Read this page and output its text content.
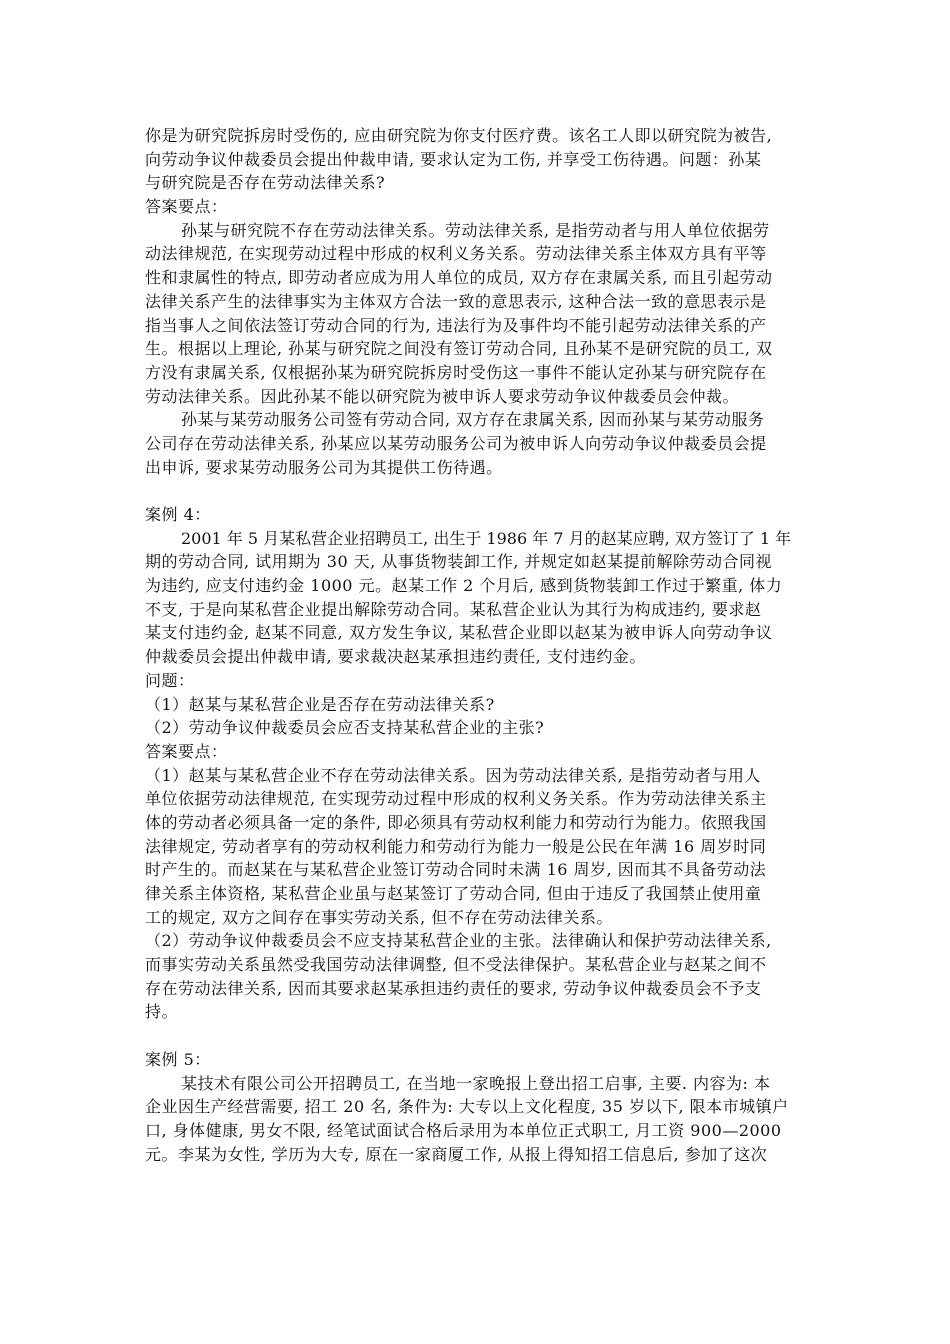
你是为研究院拆房时受伤的, 应由研究院为你支付医疗费。该名工人即以研究院为被告,
向劳动争议仲裁委员会提出仲裁申请, 要求认定为工伤, 并享受工伤待遇。问题：孙某
与研究院是否存在劳动法律关系?
答案要点：
孙某与研究院不存在劳动法律关系。劳动法律关系, 是指劳动者与用人单位依据劳
动法律规范, 在实现劳动过程中形成的权利义务关系。劳动法律关系主体双方具有平等
性和隶属性的特点, 即劳动者应成为用人单位的成员, 双方存在隶属关系, 而且引起劳动
法律关系产生的法律事实为主体双方合法一致的意思表示, 这种合法一致的意思表示是
指当事人之间依法签订劳动合同的行为, 违法行为及事件均不能引起劳动法律关系的产
生。根据以上理论, 孙某与研究院之间没有签订劳动合同, 且孙某不是研究院的员工, 双
方没有隶属关系, 仅根据孙某为研究院拆房时受伤这一事件不能认定孙某与研究院存在
劳动法律关系。因此孙某不能以研究院为被申诉人要求劳动争议仲裁委员会仲裁。
孙某与某劳动服务公司签有劳动合同, 双方存在隶属关系, 因而孙某与某劳动服务
公司存在劳动法律关系, 孙某应以某劳动服务公司为被申诉人向劳动争议仲裁委员会提
出申诉, 要求某劳动服务公司为其提供工伤待遇。
案例 4：
2001 年 5 月某私营企业招聘员工, 出生于 1986 年 7 月的赵某应聘, 双方签订了 1 年
期的劳动合同, 试用期为 30 天, 从事货物装卸工作, 并规定如赵某提前解除劳动合同视
为违约, 应支付违约金 1000 元。赵某工作 2 个月后, 感到货物装卸工作过于繁重, 体力
不支, 于是向某私营企业提出解除劳动合同。某私营企业认为其行为构成违约, 要求赵
某支付违约金, 赵某不同意, 双方发生争议, 某私营企业即以赵某为被申诉人向劳动争议
仲裁委员会提出仲裁申请, 要求裁决赵某承担违约责任, 支付违约金。
问题：
（1）赵某与某私营企业是否存在劳动法律关系?
（2）劳动争议仲裁委员会应否支持某私营企业的主张?
答案要点：
（1）赵某与某私营企业不存在劳动法律关系。因为劳动法律关系, 是指劳动者与用人
单位依据劳动法律规范, 在实现劳动过程中形成的权利义务关系。作为劳动法律关系主
体的劳动者必须具备一定的条件, 即必须具有劳动权利能力和劳动行为能力。依照我国
法律规定, 劳动者享有的劳动权利能力和劳动行为能力一般是公民在年满 16 周岁时同
时产生的。而赵某在与某私营企业签订劳动合同时未满 16 周岁, 因而其不具备劳动法
律关系主体资格, 某私营企业虽与赵某签订了劳动合同, 但由于违反了我国禁止使用童
工的规定, 双方之间存在事实劳动关系, 但不存在劳动法律关系。
（2）劳动争议仲裁委员会不应支持某私营企业的主张。法律确认和保护劳动法律关系,
而事实劳动关系虽然受我国劳动法律调整, 但不受法律保护。某私营企业与赵某之间不
存在劳动法律关系, 因而其要求赵某承担违约责任的要求, 劳动争议仲裁委员会不予支
持。
案例 5：
某技术有限公司公开招聘员工, 在当地一家晚报上登出招工启事, 主要. 内容为: 本
企业因生产经营需要, 招工 20 名, 条件为: 大专以上文化程度, 35 岁以下, 限本市城镇户
口, 身体健康, 男女不限, 经笔试面试合格后录用为本单位正式职工, 月工资 900—2000
元。李某为女性, 学历为大专, 原在一家商厦工作, 从报上得知招工信息后, 参加了这次
